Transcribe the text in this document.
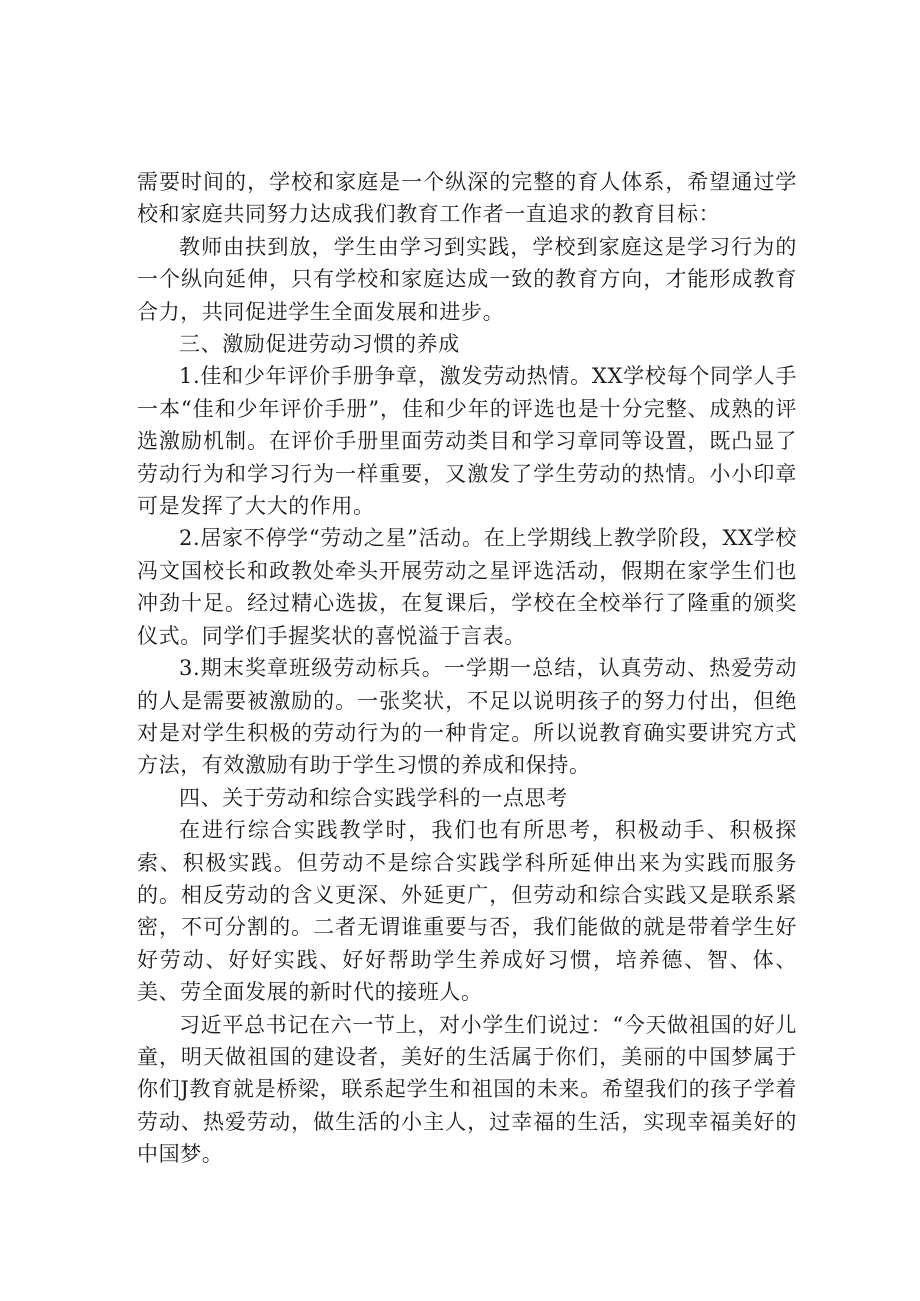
需要时间的，学校和家庭是一个纵深的完整的育人体系，希望通过学校和家庭共同努力达成我们教育工作者一直追求的教育目标：

教师由扶到放，学生由学习到实践，学校到家庭这是学习行为的一个纵向延伸，只有学校和家庭达成一致的教育方向，才能形成教育合力，共同促进学生全面发展和进步。

三、激励促进劳动习惯的养成

1.佳和少年评价手册争章，激发劳动热情。XX学校每个同学人手一本“佳和少年评价手册”，佳和少年的评选也是十分完整、成熟的评选激励机制。在评价手册里面劳动类目和学习章同等设置，既凸显了劳动行为和学习行为一样重要，又激发了学生劳动的热情。小小印章可是发挥了大大的作用。

2.居家不停学“劳动之星”活动。在上学期线上教学阶段，XX学校冯文国校长和政教处牵头开展劳动之星评选活动，假期在家学生们也冲劲十足。经过精心选拔，在复课后，学校在全校举行了隆重的颁奖仪式。同学们手握奖状的喜悦溢于言表。

3.期末奖章班级劳动标兵。一学期一总结，认真劳动、热爱劳动的人是需要被激励的。一张奖状，不足以说明孩子的努力付出，但绝对是对学生积极的劳动行为的一种肯定。所以说教育确实要讲究方式方法，有效激励有助于学生习惯的养成和保持。

四、关于劳动和综合实践学科的一点思考

在进行综合实践教学时，我们也有所思考，积极动手、积极探索、积极实践。但劳动不是综合实践学科所延伸出来为实践而服务的。相反劳动的含义更深、外延更广，但劳动和综合实践又是联系紧密，不可分割的。二者无谓谁重要与否，我们能做的就是带着学生好好劳动、好好实践、好好帮助学生养成好习惯，培养德、智、体、美、劳全面发展的新时代的接班人。

习近平总书记在六一节上，对小学生们说过：“今天做祖国的好儿童，明天做祖国的建设者，美好的生活属于你们，美丽的中国梦属于你们J教育就是桥梁，联系起学生和祖国的未来。希望我们的孩子学着劳动、热爱劳动，做生活的小主人，过幸福的生活，实现幸福美好的中国梦。
